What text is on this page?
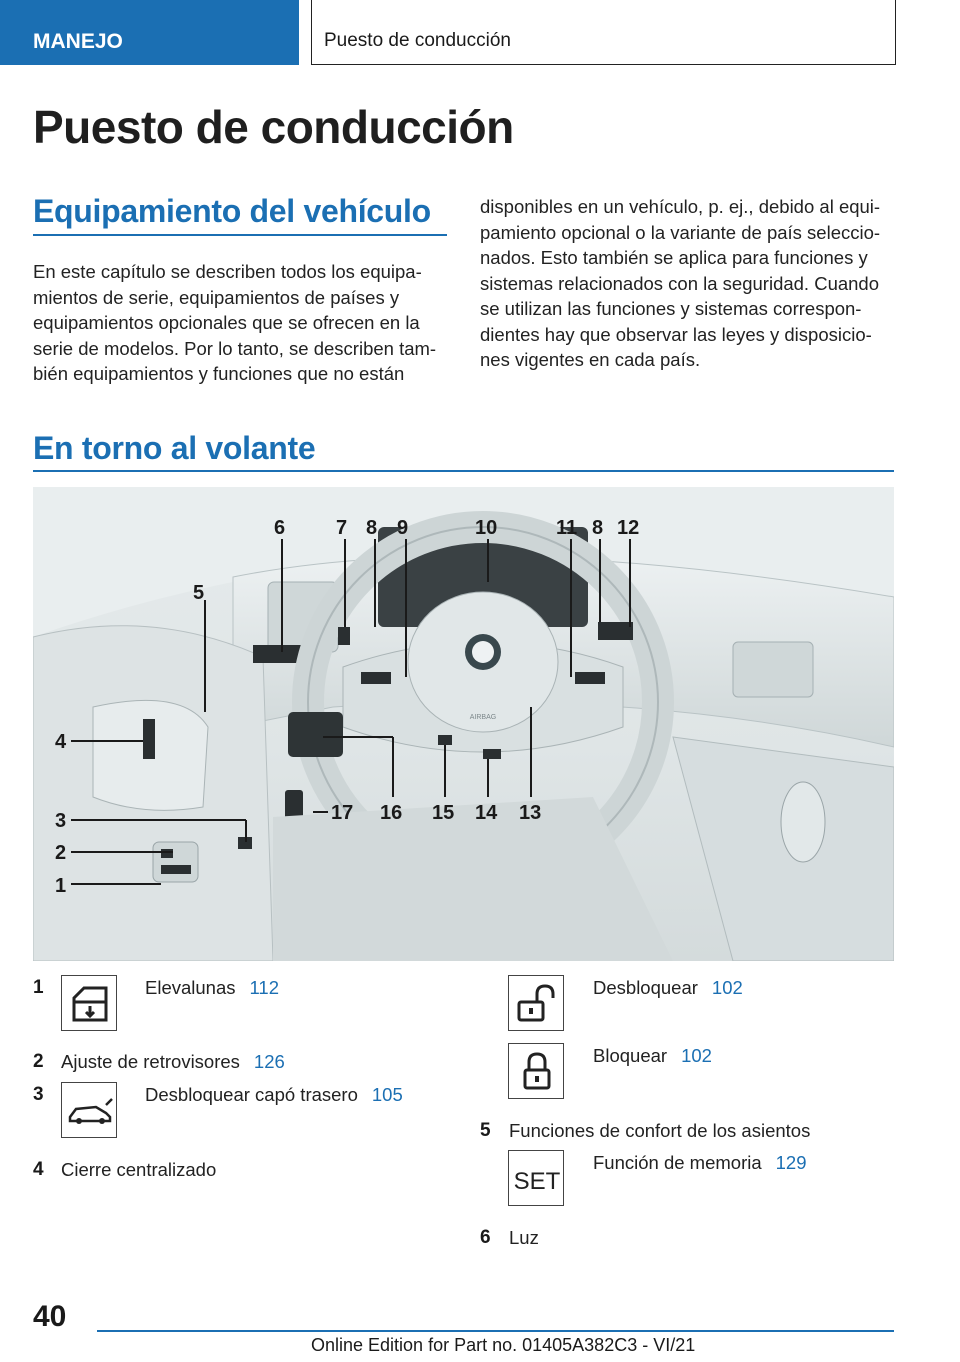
MANEJO	Puesto de conducción
Puesto de conducción
Equipamiento del vehículo
En este capítulo se describen todos los equipa-
mientos de serie, equipamientos de países y
equipamientos opcionales que se ofrecen en la
serie de modelos. Por lo tanto, se describen tam-
bién equipamientos y funciones que no están
disponibles en un vehículo, p. ej., debido al equi-
pamiento opcional o la variante de país seleccio-
nados. Esto también se aplica para funciones y
sistemas relacionados con la seguridad. Cuando
se utilizan las funciones y sistemas correspon-
dientes hay que observar las leyes y disposicio-
nes vigentes en cada país.
En torno al volante
AIRBAG
5
4
3
2
1
6	7 8 9	10	11 8 12
13
14
15
16
17
1	Elevalunas 112
2 Ajuste de retrovisores 126
3	Desbloquear capó trasero 105
4 Cierre centralizado
Desbloquear 102
Bloquear 102
5 Funciones de confort de los asientos
SET
Función de memoria 129
6 Luz
40
Online Edition for Part no. 01405A382C3 - VI/21
